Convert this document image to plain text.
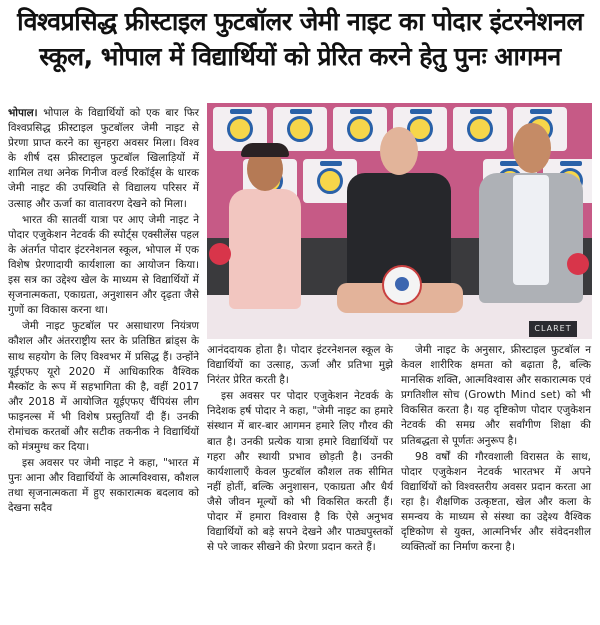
विश्वप्रसिद्ध फ्रीस्टाइल फुटबॉलर जेमी नाइट का पोदार इंटरनेशनल
स्कूल, भोपाल में विद्यार्थियों को प्रेरित करने हेतु पुनः आगमन

भोपाल। भोपाल के विद्यार्थियों को एक बार फिर विश्वप्रसिद्ध फ्रीस्टाइल फुटबॉलर जेमी नाइट से प्रेरणा प्राप्त करने का सुनहरा अवसर मिला। विश्व के शीर्ष दस फ्रीस्टाइल फुटबॉल खिलाड़ियों में शामिल तथा अनेक गिनीज वर्ल्ड रिकॉर्ड्स के धारक जेमी नाइट की उपस्थिति से विद्यालय परिसर में उत्साह और ऊर्जा का वातावरण देखने को मिला।

भारत की सातवीं यात्रा पर आए जेमी नाइट ने पोदार एजुकेशन नेटवर्क की स्पोर्ट्स एक्सीलेंस पहल के अंतर्गत पोदार इंटरनेशनल स्कूल, भोपाल में एक विशेष प्रेरणादायी कार्यशाला का आयोजन किया। इस सत्र का उद्देश्य खेल के माध्यम से विद्यार्थियों में सृजनात्मकता, एकाग्रता, अनुशासन और दृढ़ता जैसे गुणों का विकास करना था।

जेमी नाइट फुटबॉल पर असाधारण नियंत्रण कौशल और अंतरराष्ट्रीय स्तर के प्रतिष्ठित ब्रांड्स के साथ सहयोग के लिए विश्वभर में प्रसिद्ध हैं। उन्होंने यूईएफए यूरो 2020 में आधिकारिक वैश्विक मैस्कॉट के रूप में सहभागिता की है, वहीं 2017 और 2018 में आयोजित यूईएफए चैंपियंस लीग फाइनल्स में भी विशेष प्रस्तुतियाँ दी हैं। उनकी रोमांचक करतबों और सटीक तकनीक ने विद्यार्थियों को मंत्रमुग्ध कर दिया।

इस अवसर पर जेमी नाइट ने कहा, "भारत में पुनः आना और विद्यार्थियों के आत्मविश्वास, कौशल तथा सृजनात्मकता में हुए सकारात्मक बदलाव को देखना सदैव

CLARET

आनंददायक होता है। पोदार इंटरनेशनल स्कूल के विद्यार्थियों का उत्साह, ऊर्जा और प्रतिभा मुझे निरंतर प्रेरित करती है।

इस अवसर पर पोदार एजुकेशन नेटवर्क के निदेशक हर्ष पोदार ने कहा, "जेमी नाइट का हमारे संस्थान में बार-बार आगमन हमारे लिए गौरव की बात है। उनकी प्रत्येक यात्रा हमारे विद्यार्थियों पर गहरा और स्थायी प्रभाव छोड़ती है। उनकी कार्यशालाएँ केवल फुटबॉल कौशल तक सीमित नहीं होतीं, बल्कि अनुशासन, एकाग्रता और धैर्य जैसे जीवन मूल्यों को भी विकसित करती हैं। पोदार में हमारा विश्वास है कि ऐसे अनुभव विद्यार्थियों को बड़े सपने देखने और पाठ्यपुस्तकों से परे जाकर सीखने की प्रेरणा प्रदान करते हैं।

जेमी नाइट के अनुसार, फ्रीस्टाइल फुटबॉल न केवल शारीरिक क्षमता को बढ़ाता है, बल्कि मानसिक शक्ति, आत्मविश्वास और सकारात्मक एवं प्रगतिशील सोच (Growth Mind set) को भी विकसित करता है। यह दृष्टिकोण पोदार एजुकेशन नेटवर्क की समग्र और सर्वांगीण शिक्षा की प्रतिबद्धता से पूर्णतः अनुरूप है।

98 वर्षों की गौरवशाली विरासत के साथ, पोदार एजुकेशन नेटवर्क भारतभर में अपने विद्यार्थियों को विश्वस्तरीय अवसर प्रदान करता आ रहा है। शैक्षणिक उत्कृष्टता, खेल और कला के समन्वय के माध्यम से संस्था का उद्देश्य वैश्विक दृष्टिकोण से युक्त, आत्मनिर्भर और संवेदनशील व्यक्तित्वों का निर्माण करना है।
